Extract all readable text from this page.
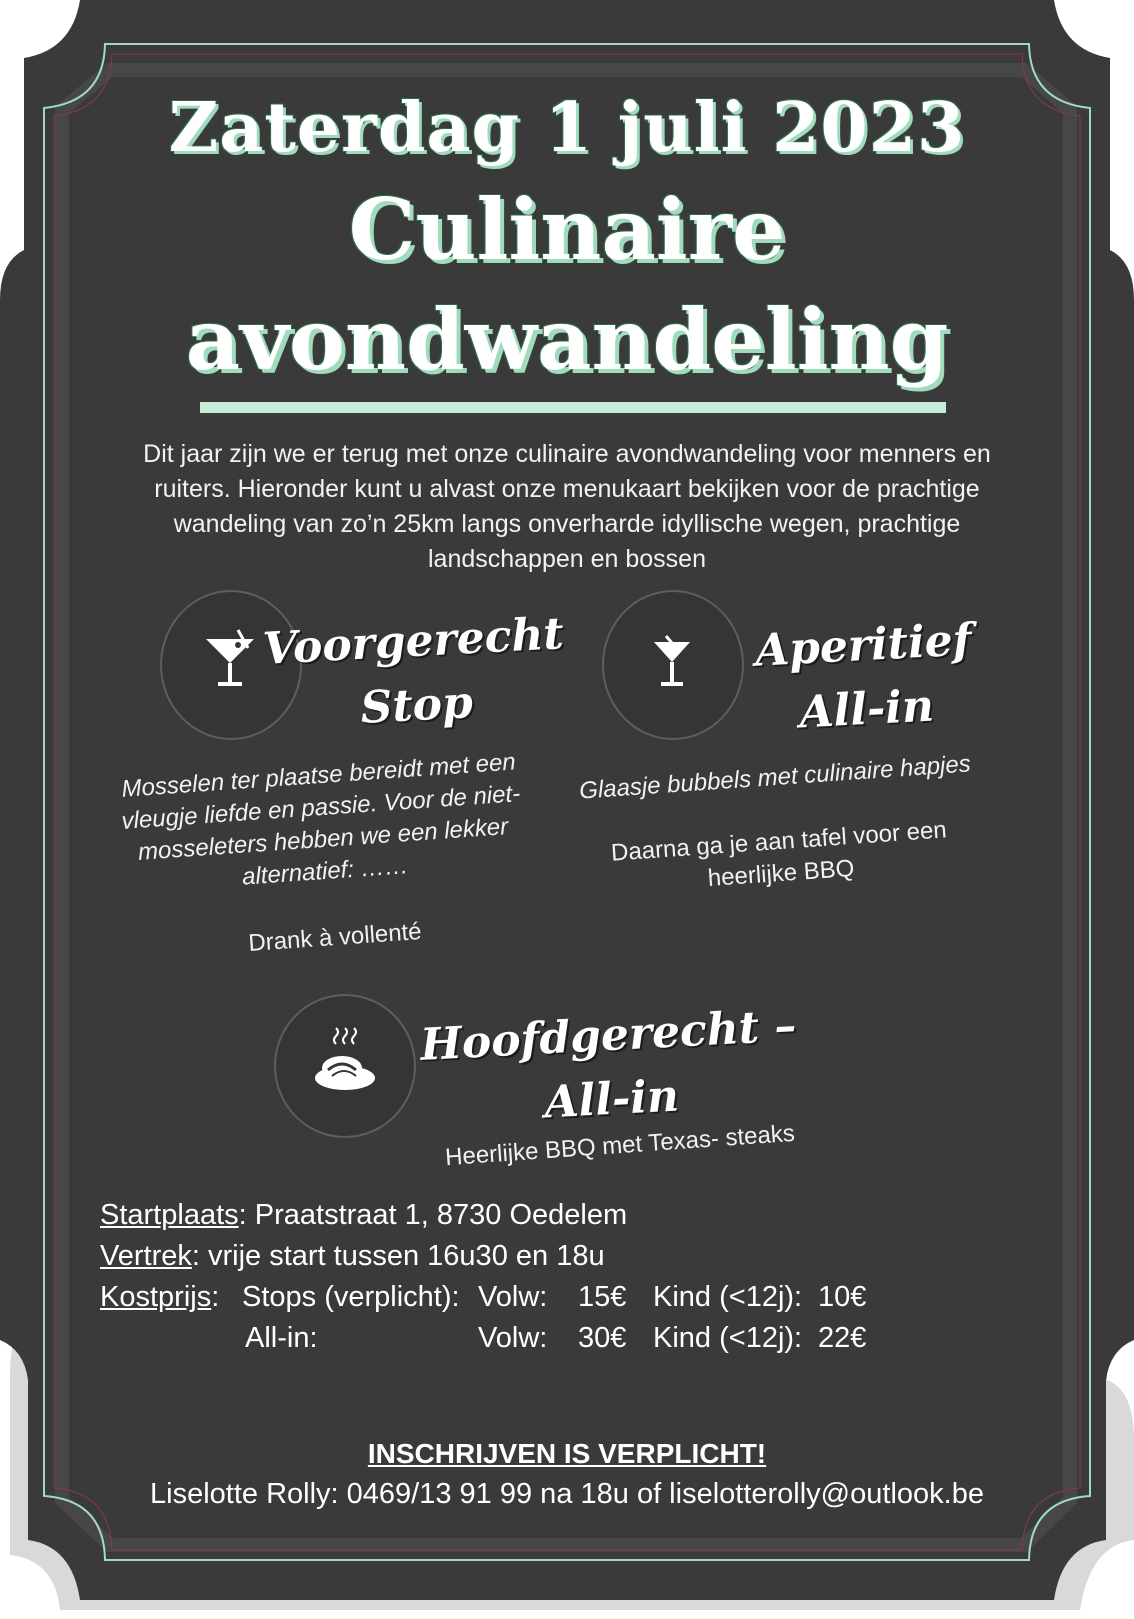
Zaterdag 1 juli 2023
Culinaire
avondwandeling
Dit jaar zijn we er terug met onze culinaire avondwandeling voor menners en ruiters. Hieronder kunt u alvast onze menukaart bekijken voor de prachtige wandeling van zo’n 25km langs onverharde idyllische wegen, prachtige landschappen en bossen
Voorgerecht
Stop
Mosselen ter plaatse bereidt met een vleugje liefde en passie. Voor de niet-mosseleters hebben we een lekker alternatief: ……
Drank à vollenté
Aperitief
All-in
Glaasje bubbels met culinaire hapjes
Daarna ga je aan tafel voor een heerlijke BBQ
Hoofdgerecht –
All-in
Heerlijke BBQ met Texas- steaks
Startplaats: Praatstraat 1, 8730 Oedelem
Vertrek: vrije start tussen 16u30 en 18u
Kostprijs: Stops (verplicht): Volw: 15€ Kind (<12j): 10€
All-in:	Volw: 30€ Kind (<12j): 22€
INSCHRIJVEN IS VERPLICHT!
Liselotte Rolly: 0469/13 91 99 na 18u of liselotterolly@outlook.be
